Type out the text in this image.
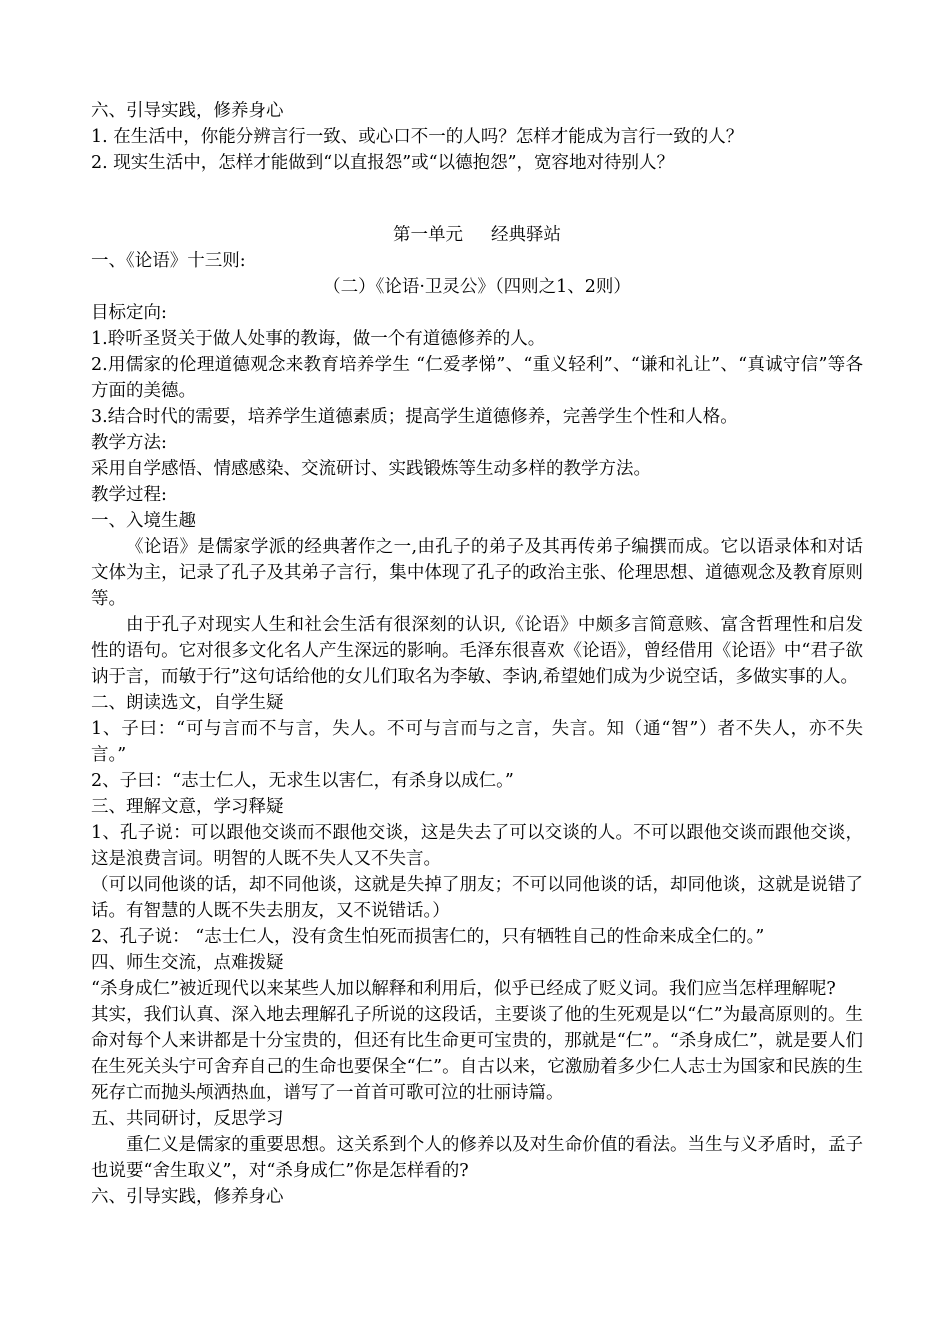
六、引导实践，修养身心

1. 在生活中，你能分辨言行一致、或心口不一的人吗？怎样才能成为言行一致的人？

2. 现实生活中，怎样才能做到“以直报怨”或“以德抱怨”，宽容地对待别人？

第一单元 经典驿站

一、《论语》十三则:

（二）《论语·卫灵公》（四则之1、2则）

目标定向:

1.聆听圣贤关于做人处事的教诲，做一个有道德修养的人。

2.用儒家的伦理道德观念来教育培养学生 “仁爱孝悌”、“重义轻利”、“谦和礼让”、“真诚守信”等各方面的美德。

3.结合时代的需要，培养学生道德素质；提高学生道德修养，完善学生个性和人格。

教学方法:

采用自学感悟、情感感染、交流研讨、实践锻炼等生动多样的教学方法。

教学过程:

一、入境生趣

《论语》是儒家学派的经典著作之一,由孔子的弟子及其再传弟子编撰而成。它以语录体和对话文体为主，记录了孔子及其弟子言行，集中体现了孔子的政治主张、伦理思想、道德观念及教育原则等。

由于孔子对现实人生和社会生活有很深刻的认识,《论语》中颇多言简意赅、富含哲理性和启发性的语句。它对很多文化名人产生深远的影响。毛泽东很喜欢《论语》，曾经借用《论语》中“君子欲讷于言，而敏于行”这句话给他的女儿们取名为李敏、李讷,希望她们成为少说空话，多做实事的人。

二、朗读选文，自学生疑

1、子曰：“可与言而不与言，失人。不可与言而与之言，失言。知（通“智”）者不失人，亦不失言。”

2、子曰：“志士仁人，无求生以害仁，有杀身以成仁。”

三、理解文意，学习释疑

1、孔子说：可以跟他交谈而不跟他交谈，这是失去了可以交谈的人。不可以跟他交谈而跟他交谈，这是浪费言词。明智的人既不失人又不失言。

（可以同他谈的话，却不同他谈，这就是失掉了朋友；不可以同他谈的话，却同他谈，这就是说错了话。有智慧的人既不失去朋友，又不说错话。）

2、孔子说： “志士仁人，没有贪生怕死而损害仁的，只有牺牲自己的性命来成全仁的。”

四、师生交流，点难拨疑

“杀身成仁”被近现代以来某些人加以解释和利用后，似乎已经成了贬义词。我们应当怎样理解呢?

其实，我们认真、深入地去理解孔子所说的这段话，主要谈了他的生死观是以“仁”为最高原则的。生命对每个人来讲都是十分宝贵的，但还有比生命更可宝贵的，那就是“仁”。“杀身成仁”，就是要人们在生死关头宁可舍弃自己的生命也要保全“仁”。自古以来，它激励着多少仁人志士为国家和民族的生死存亡而抛头颅洒热血，谱写了一首首可歌可泣的壮丽诗篇。

五、共同研讨，反思学习

重仁义是儒家的重要思想。这关系到个人的修养以及对生命价值的看法。当生与义矛盾时，孟子也说要“舍生取义”，对“杀身成仁”你是怎样看的?

六、引导实践，修养身心
